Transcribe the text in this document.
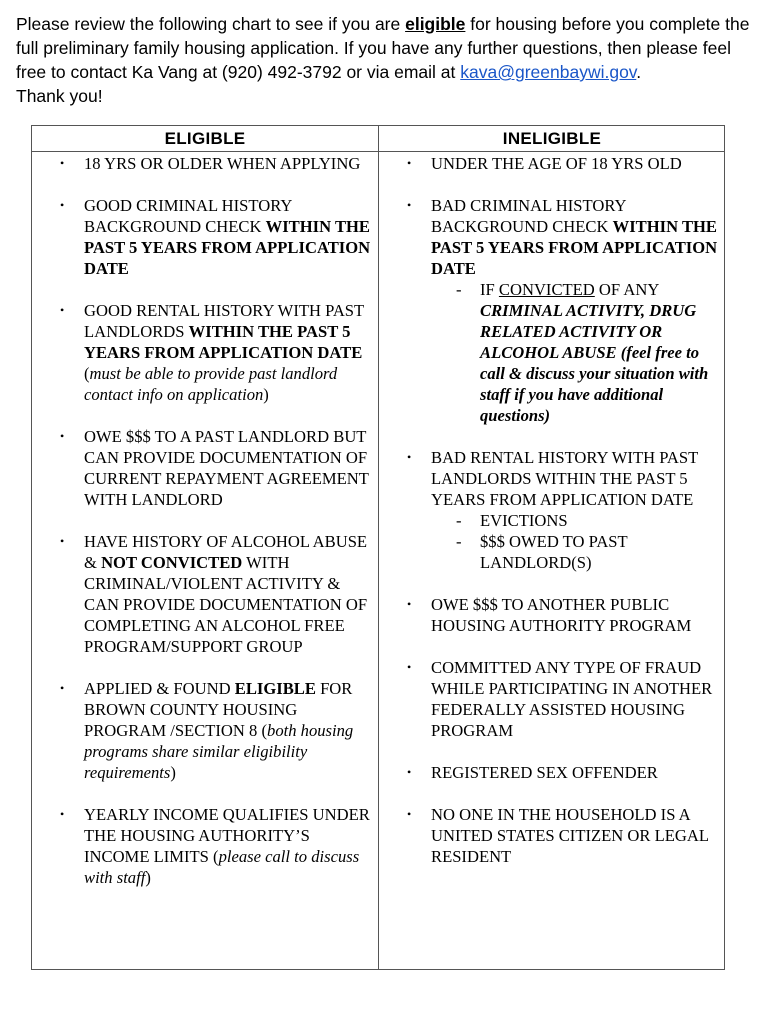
Please review the following chart to see if you are eligible for housing before you complete the full preliminary family housing application. If you have any further questions, then please feel free to contact Ka Vang at (920) 492-3792 or via email at kava@greenbaywi.gov.
Thank you!
ELIGIBLE	INELIGIBLE
• 18 YRS OR OLDER WHEN APPLYING
• GOOD CRIMINAL HISTORY BACKGROUND CHECK WITHIN THE PAST 5 YEARS FROM APPLICATION DATE
• GOOD RENTAL HISTORY WITH PAST LANDLORDS WITHIN THE PAST 5 YEARS FROM APPLICATION DATE (must be able to provide past landlord contact info on application)
• OWE $$$ TO A PAST LANDLORD BUT CAN PROVIDE DOCUMENTATION OF CURRENT REPAYMENT AGREEMENT WITH LANDLORD
• HAVE HISTORY OF ALCOHOL ABUSE & NOT CONVICTED WITH CRIMINAL/VIOLENT ACTIVITY & CAN PROVIDE DOCUMENTATION OF COMPLETING AN ALCOHOL FREE PROGRAM/SUPPORT GROUP
• APPLIED & FOUND ELIGIBLE FOR BROWN COUNTY HOUSING PROGRAM /SECTION 8 (both housing programs share similar eligibility requirements)
• YEARLY INCOME QUALIFIES UNDER THE HOUSING AUTHORITY’S INCOME LIMITS (please call to discuss with staff)
• UNDER THE AGE OF 18 YRS OLD
• BAD CRIMINAL HISTORY BACKGROUND CHECK WITHIN THE PAST 5 YEARS FROM APPLICATION DATE
- IF CONVICTED OF ANY CRIMINAL ACTIVITY, DRUG RELATED ACTIVITY OR ALCOHOL ABUSE (feel free to call & discuss your situation with staff if you have additional questions)
• BAD RENTAL HISTORY WITH PAST LANDLORDS WITHIN THE PAST 5 YEARS FROM APPLICATION DATE
- EVICTIONS
- $$$ OWED TO PAST LANDLORD(S)
• OWE $$$ TO ANOTHER PUBLIC HOUSING AUTHORITY PROGRAM
• COMMITTED ANY TYPE OF FRAUD WHILE PARTICIPATING IN ANOTHER FEDERALLY ASSISTED HOUSING PROGRAM
• REGISTERED SEX OFFENDER
• NO ONE IN THE HOUSEHOLD IS A UNITED STATES CITIZEN OR LEGAL RESIDENT
